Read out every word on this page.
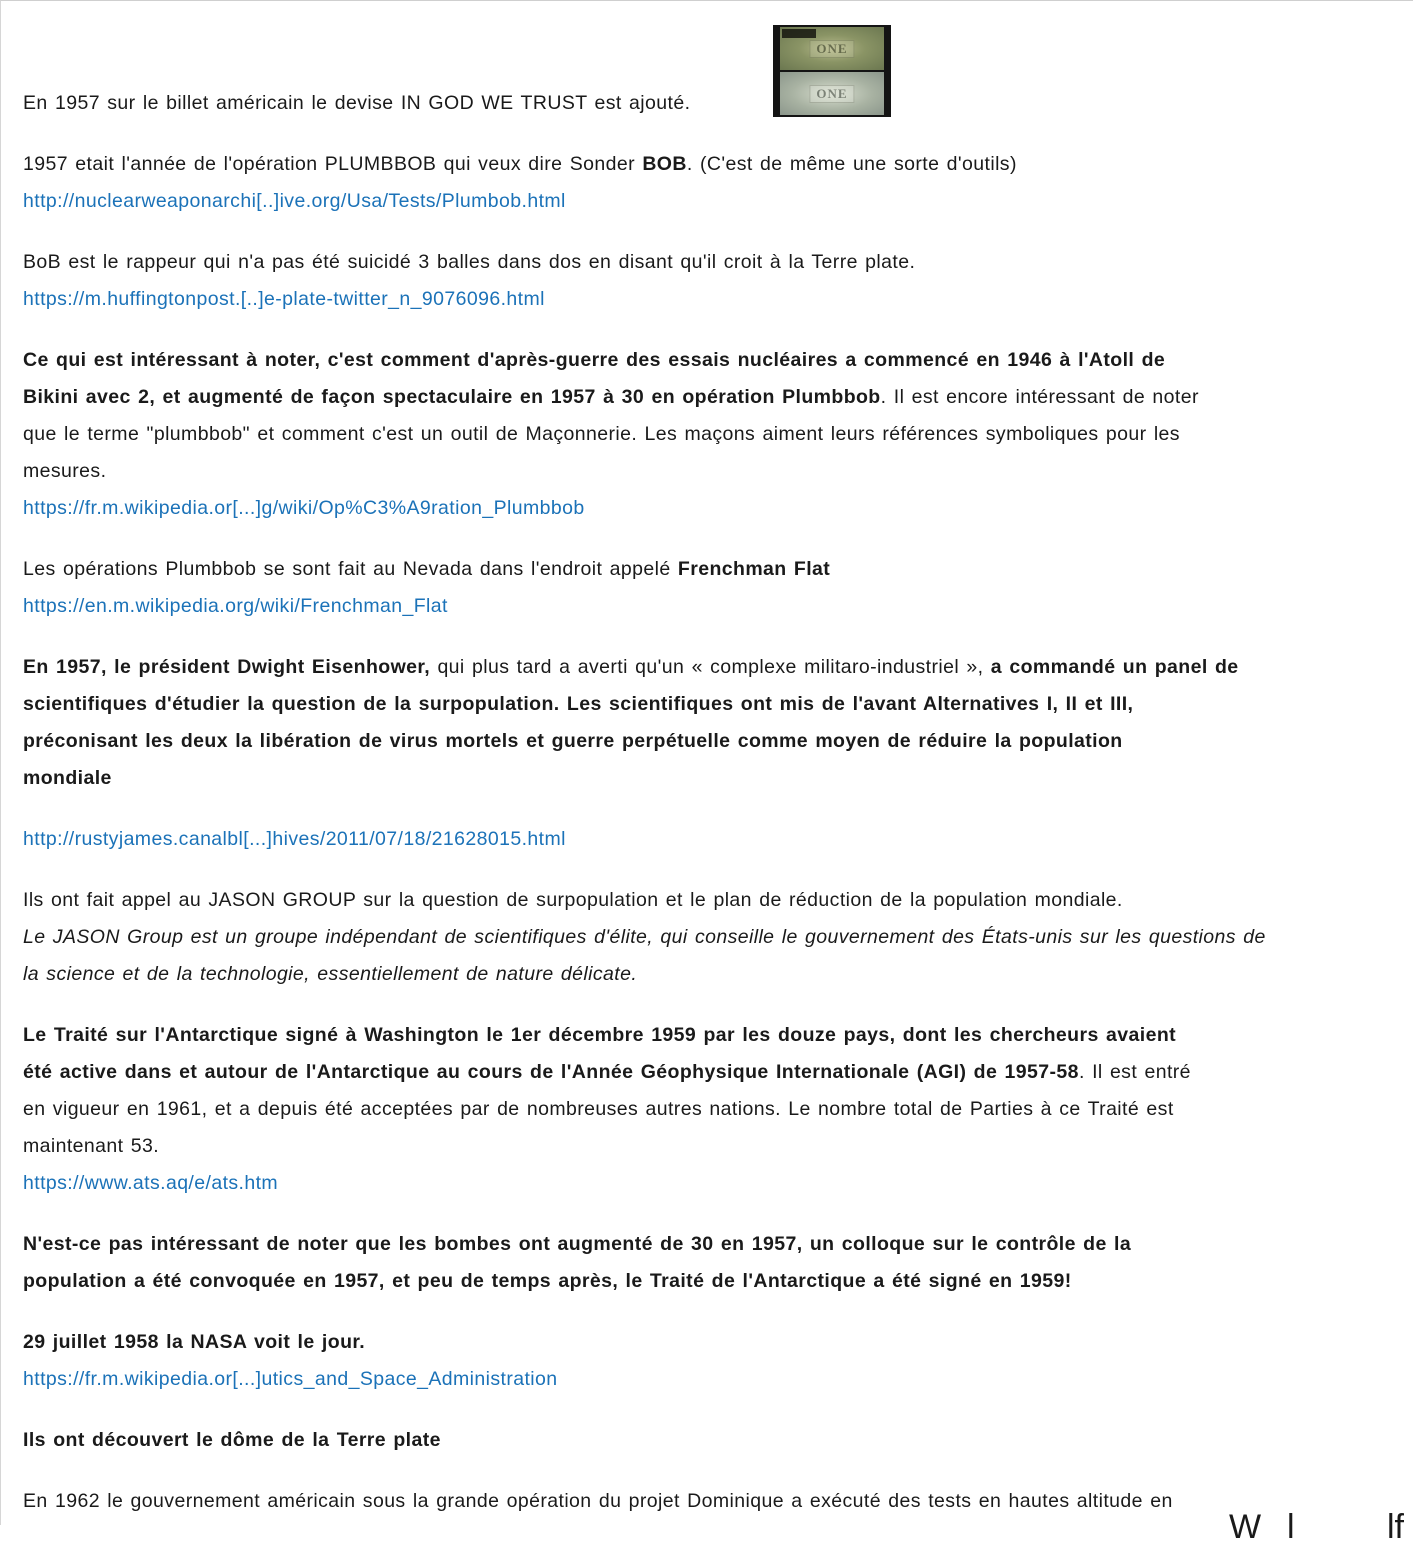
ONE
ONE
En 1957 sur le billet américain le devise IN GOD WE TRUST est ajouté.
1957 etait l'année de l'opération PLUMBBOB qui veux dire Sonder BOB. (C'est de même une sorte d'outils)
http://nuclearweaponarchi[..]ive.org/Usa/Tests/Plumbob.html
BoB est le rappeur qui n'a pas été suicidé 3 balles dans dos en disant qu'il croit à la Terre plate.
https://m.huffingtonpost.[..]e-plate-twitter_n_9076096.html
Ce qui est intéressant à noter, c'est comment d'après-guerre des essais nucléaires a commencé en 1946 à l'Atoll de
Bikini avec 2, et augmenté de façon spectaculaire en 1957 à 30 en opération Plumbbob. Il est encore intéressant de noter
que le terme "plumbbob" et comment c'est un outil de Maçonnerie. Les maçons aiment leurs références symboliques pour les
mesures.
https://fr.m.wikipedia.or[...]g/wiki/Op%C3%A9ration_Plumbbob
Les opérations Plumbbob se sont fait au Nevada dans l'endroit appelé Frenchman Flat
https://en.m.wikipedia.org/wiki/Frenchman_Flat
En 1957, le président Dwight Eisenhower, qui plus tard a averti qu'un « complexe militaro-industriel », a commandé un panel de
scientifiques d'étudier la question de la surpopulation. Les scientifiques ont mis de l'avant Alternatives I, II et III,
préconisant les deux la libération de virus mortels et guerre perpétuelle comme moyen de réduire la population
mondiale
http://rustyjames.canalbl[...]hives/2011/07/18/21628015.html
Ils ont fait appel au JASON GROUP sur la question de surpopulation et le plan de réduction de la population mondiale.
Le JASON Group est un groupe indépendant de scientifiques d'élite, qui conseille le gouvernement des États-unis sur les questions de
la science et de la technologie, essentiellement de nature délicate.
Le Traité sur l'Antarctique signé à Washington le 1er décembre 1959 par les douze pays, dont les chercheurs avaient
été active dans et autour de l'Antarctique au cours de l'Année Géophysique Internationale (AGI) de 1957-58. Il est entré
en vigueur en 1961, et a depuis été acceptées par de nombreuses autres nations. Le nombre total de Parties à ce Traité est
maintenant 53.
https://www.ats.aq/e/ats.htm
N'est-ce pas intéressant de noter que les bombes ont augmenté de 30 en 1957, un colloque sur le contrôle de la
population a été convoquée en 1957, et peu de temps après, le Traité de l'Antarctique a été signé en 1959!
29 juillet 1958 la NASA voit le jour.
https://fr.m.wikipedia.or[...]utics_and_Space_Administration
Ils ont découvert le dôme de la Terre plate
En 1962 le gouvernement américain sous la grande opération du projet Dominique a exécuté des tests en hautes altitude en
W l	lf
